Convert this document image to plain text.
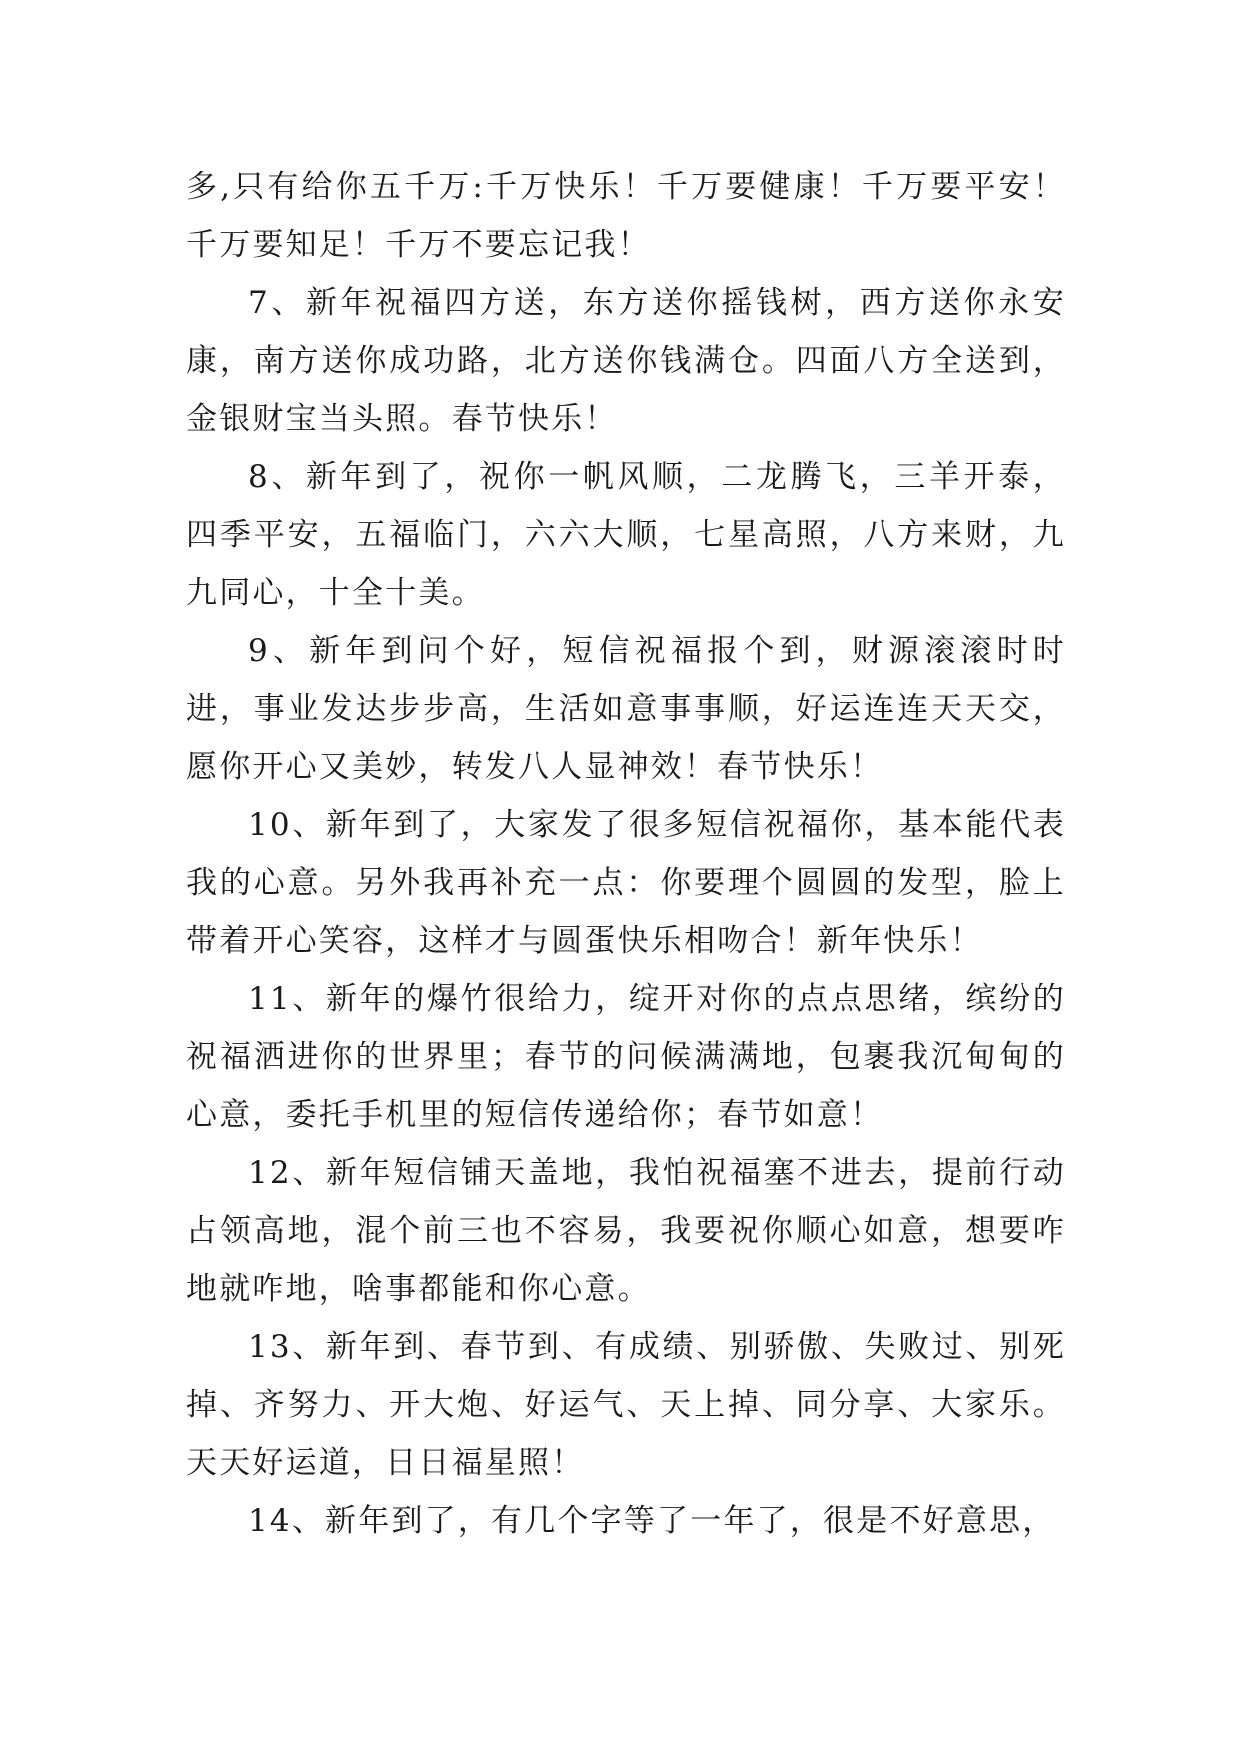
多,只有给你五千万:千万快乐！千万要健康！千万要平安！千万要知足！千万不要忘记我！

7、新年祝福四方送，东方送你摇钱树，西方送你永安康，南方送你成功路，北方送你钱满仓。四面八方全送到，金银财宝当头照。春节快乐！

8、新年到了，祝你一帆风顺，二龙腾飞，三羊开泰，四季平安，五福临门，六六大顺，七星高照，八方来财，九九同心，十全十美。

9、新年到问个好，短信祝福报个到，财源滚滚时时进，事业发达步步高，生活如意事事顺，好运连连天天交，愿你开心又美妙，转发八人显神效！春节快乐！

10、新年到了，大家发了很多短信祝福你，基本能代表我的心意。另外我再补充一点：你要理个圆圆的发型，脸上带着开心笑容，这样才与圆蛋快乐相吻合！新年快乐！

11、新年的爆竹很给力，绽开对你的点点思绪，缤纷的祝福洒进你的世界里；春节的问候满满地，包裹我沉甸甸的心意，委托手机里的短信传递给你；春节如意！

12、新年短信铺天盖地，我怕祝福塞不进去，提前行动占领高地，混个前三也不容易，我要祝你顺心如意，想要咋地就咋地，啥事都能和你心意。

13、新年到、春节到、有成绩、别骄傲、失败过、别死掉、齐努力、开大炮、好运气、天上掉、同分享、大家乐。天天好运道，日日福星照！

14、新年到了，有几个字等了一年了，很是不好意思，
